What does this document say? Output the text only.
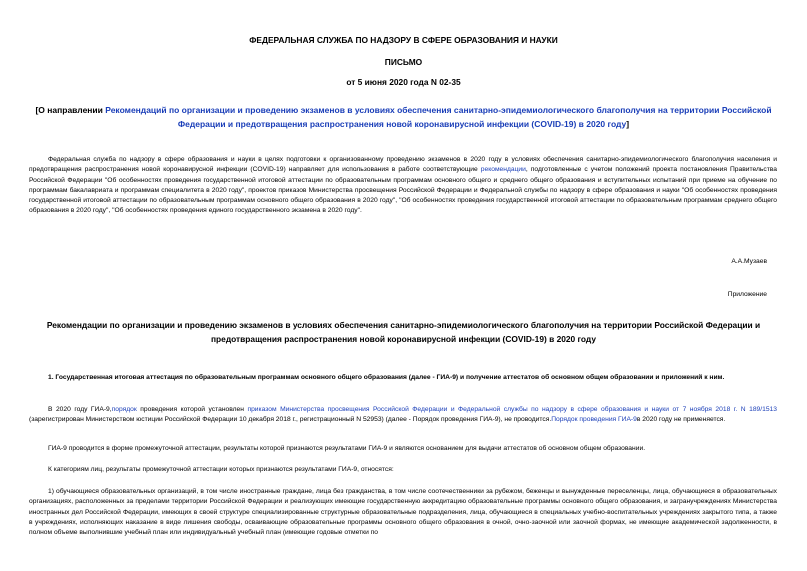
ФЕДЕРАЛЬНАЯ СЛУЖБА ПО НАДЗОРУ В СФЕРЕ ОБРАЗОВАНИЯ И НАУКИ
ПИСЬМО
от 5 июня 2020 года N 02-35
[О направлении Рекомендаций по организации и проведению экзаменов в условиях обеспечения санитарно-эпидемиологического благополучия на территории Российской Федерации и предотвращения распространения новой коронавирусной инфекции (COVID-19) в 2020 году]
Федеральная служба по надзору в сфере образования и науки в целях подготовки к организованному проведению экзаменов в 2020 году в условиях обеспечения санитарно-эпидемиологического благополучия населения и предотвращения распространения новой коронавирусной инфекции (COVID-19) направляет для использования в работе соответствующие рекомендации, подготовленные с учетом положений проекта постановления Правительства Российской Федерации "Об особенностях проведения государственной итоговой аттестации по образовательным программам основного общего и среднего общего образования и вступительных испытаний при приеме на обучение по программам бакалавриата и программам специалитета в 2020 году", проектов приказов Министерства просвещения Российской Федерации и Федеральной службы по надзору в сфере образования и науки "Об особенностях проведения государственной итоговой аттестации по образовательным программам основного общего образования в 2020 году", "Об особенностях проведения государственной итоговой аттестации по образовательным программам среднего общего образования в 2020 году", "Об особенностях проведения единого государственного экзамена в 2020 году".
А.А.Музаев
Приложение
Рекомендации по организации и проведению экзаменов в условиях обеспечения санитарно-эпидемиологического благополучия на территории Российской Федерации и предотвращения распространения новой коронавирусной инфекции (COVID-19) в 2020 году
1. Государственная итоговая аттестация по образовательным программам основного общего образования (далее - ГИА-9) и получение аттестатов об основном общем образовании и приложений к ним.
В 2020 году ГИА-9,порядок проведения которой установлен приказом Министерства просвещения Российской Федерации и Федеральной службы по надзору в сфере образования и науки от 7 ноября 2018 г. N 189/1513 (зарегистрирован Министерством юстиции Российской Федерации 10 декабря 2018 г., регистрационный N 52953) (далее - Порядок проведения ГИА-9), не проводится.Порядок проведения ГИА-9в 2020 году не применяется.
ГИА-9 проводится в форме промежуточной аттестации, результаты которой признаются результатами ГИА-9 и являются основанием для выдачи аттестатов об основном общем образовании.
К категориям лиц, результаты промежуточной аттестации которых признаются результатами ГИА-9, относятся:
1) обучающиеся образовательных организаций, в том числе иностранные граждане, лица без гражданства, в том числе соотечественники за рубежом, беженцы и вынужденные переселенцы, лица, обучающиеся в образовательных организациях, расположенных за пределами территории Российской Федерации и реализующих имеющие государственную аккредитацию образовательные программы основного общего образования, и загранучреждениях Министерства иностранных дел Российской Федерации, имеющих в своей структуре специализированные структурные образовательные подразделения, лица, обучающиеся в специальных учебно-воспитательных учреждениях закрытого типа, а также в учреждениях, исполняющих наказание в виде лишения свободы, осваивающие образовательные программы основного общего образования в очной, очно-заочной или заочной формах, не имеющие академической задолженности, в полном объеме выполнившие учебный план или индивидуальный учебный план (имеющие годовые отметки по
